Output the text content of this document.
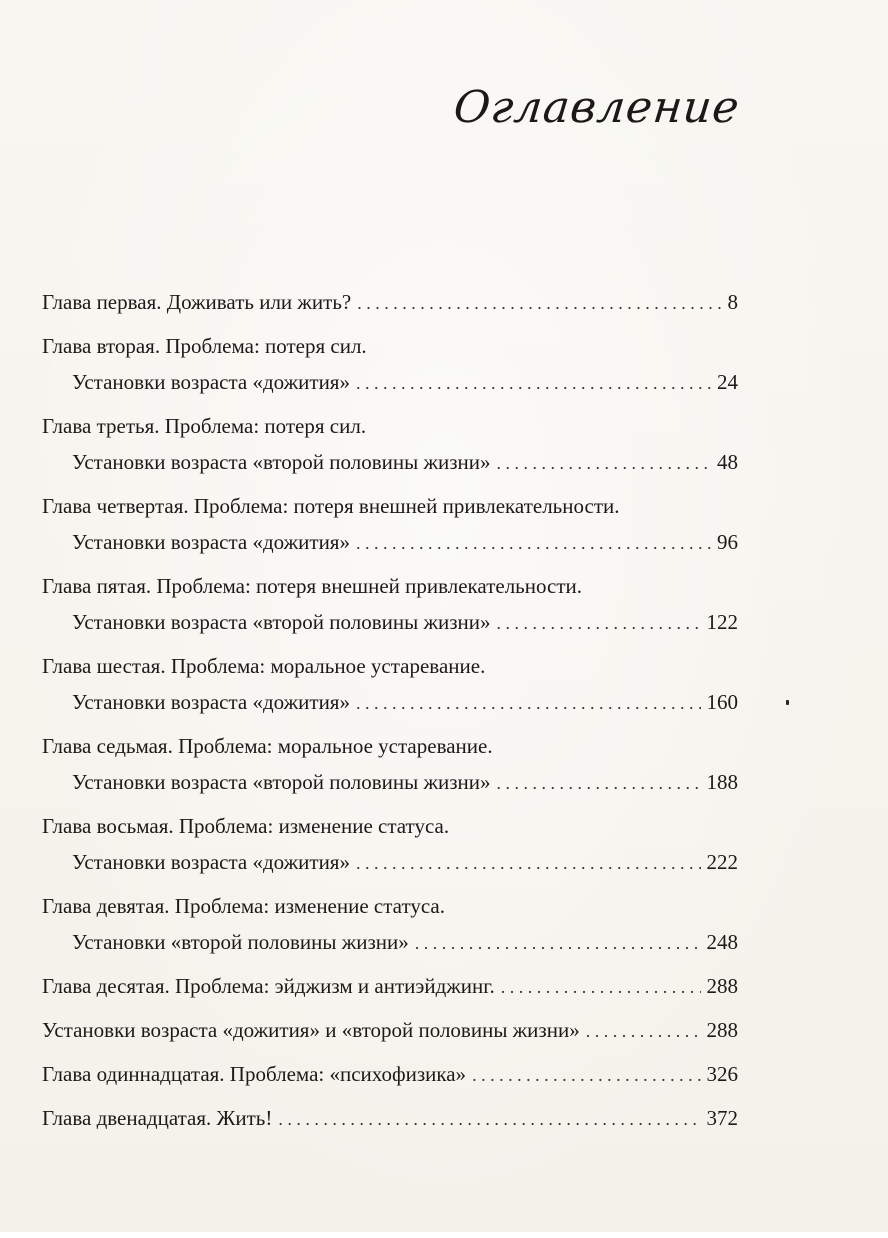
Оглавление
Глава первая. Доживать или жить? . . .	8
Глава вторая. Проблема: потеря сил.
Установки возраста «дожития» . . .	24
Глава третья. Проблема: потеря сил.
Установки возраста «второй половины жизни» . . .	48
Глава четвертая. Проблема: потеря внешней привлекательности.
Установки возраста «дожития» . . .	96
Глава пятая. Проблема: потеря внешней привлекательности.
Установки возраста «второй половины жизни» . . .	122
Глава шестая. Проблема: моральное устаревание.
Установки возраста «дожития» . . .	160
Глава седьмая. Проблема: моральное устаревание.
Установки возраста «второй половины жизни» . . .	188
Глава восьмая. Проблема: изменение статуса.
Установки возраста «дожития» . . .	222
Глава девятая. Проблема: изменение статуса.
Установки «второй половины жизни» . . .	248
Глава десятая. Проблема: эйджизм и антиэйджинг. . . .	288
Установки возраста «дожития» и «второй половины жизни» . . .	288
Глава одиннадцатая. Проблема: «психофизика» . . .	326
Глава двенадцатая. Жить! . . .	372
